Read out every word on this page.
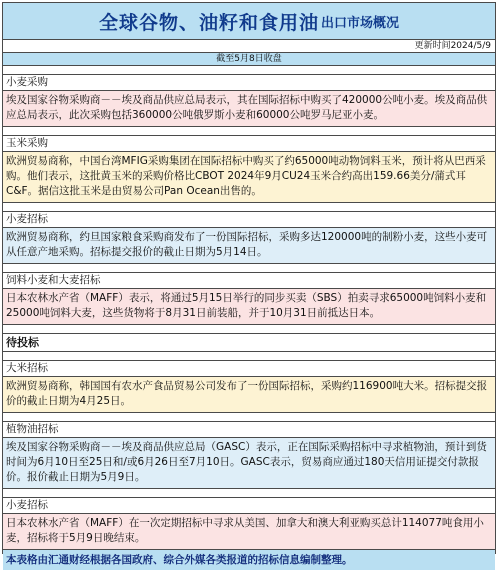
全球谷物、油籽和食用油 出口市场概况
更新时间2024/5/9
截至5月8日收盘
小麦采购
埃及国家谷物采购商－－埃及商品供应总局表示，其在国际招标中购买了420000公吨小麦。埃及商品供应总局表示，此次采购包括360000公吨俄罗斯小麦和60000公吨罗马尼亚小麦。
玉米采购
欧洲贸易商称，中国台湾MFIG采购集团在国际招标中购买了约65000吨动物饲料玉米，预计将从巴西采购。他们表示，这批黄玉米的采购价格比CBOT 2024年9月CU24玉米合约高出159.66美分/蒲式耳C&F。据信这批玉米是由贸易公司Pan Ocean出售的。
小麦招标
欧洲贸易商称，约旦国家粮食采购商发布了一份国际招标，采购多达120000吨的制粉小麦，这些小麦可从任意产地采购。招标提交报价的截止日期为5月14日。
饲料小麦和大麦招标
日本农林水产省（MAFF）表示，将通过5月15日举行的同步买卖（SBS）拍卖寻求65000吨饲料小麦和25000吨饲料大麦，这些货物将于8月31日前装船，并于10月31日前抵达日本。
待投标
大米招标
欧洲贸易商称，韩国国有农水产食品贸易公司发布了一份国际招标，采购约116900吨大米。招标提交报价的截止日期为4月25日。
植物油招标
埃及国家谷物采购商－－埃及商品供应总局（GASC）表示，正在国际采购招标中寻求植物油，预计到货时间为6月10日至25日和/或6月26日至7月10日。GASC表示，贸易商应通过180天信用证提交付款报价。报价截止日期为5月9日。
小麦招标
日本农林水产省（MAFF）在一次定期招标中寻求从美国、加拿大和澳大利亚购买总计114077吨食用小麦，招标将于5月9日晚结束。
本表格由汇通财经根据各国政府、综合外媒各类报道的招标信息编制整理。
